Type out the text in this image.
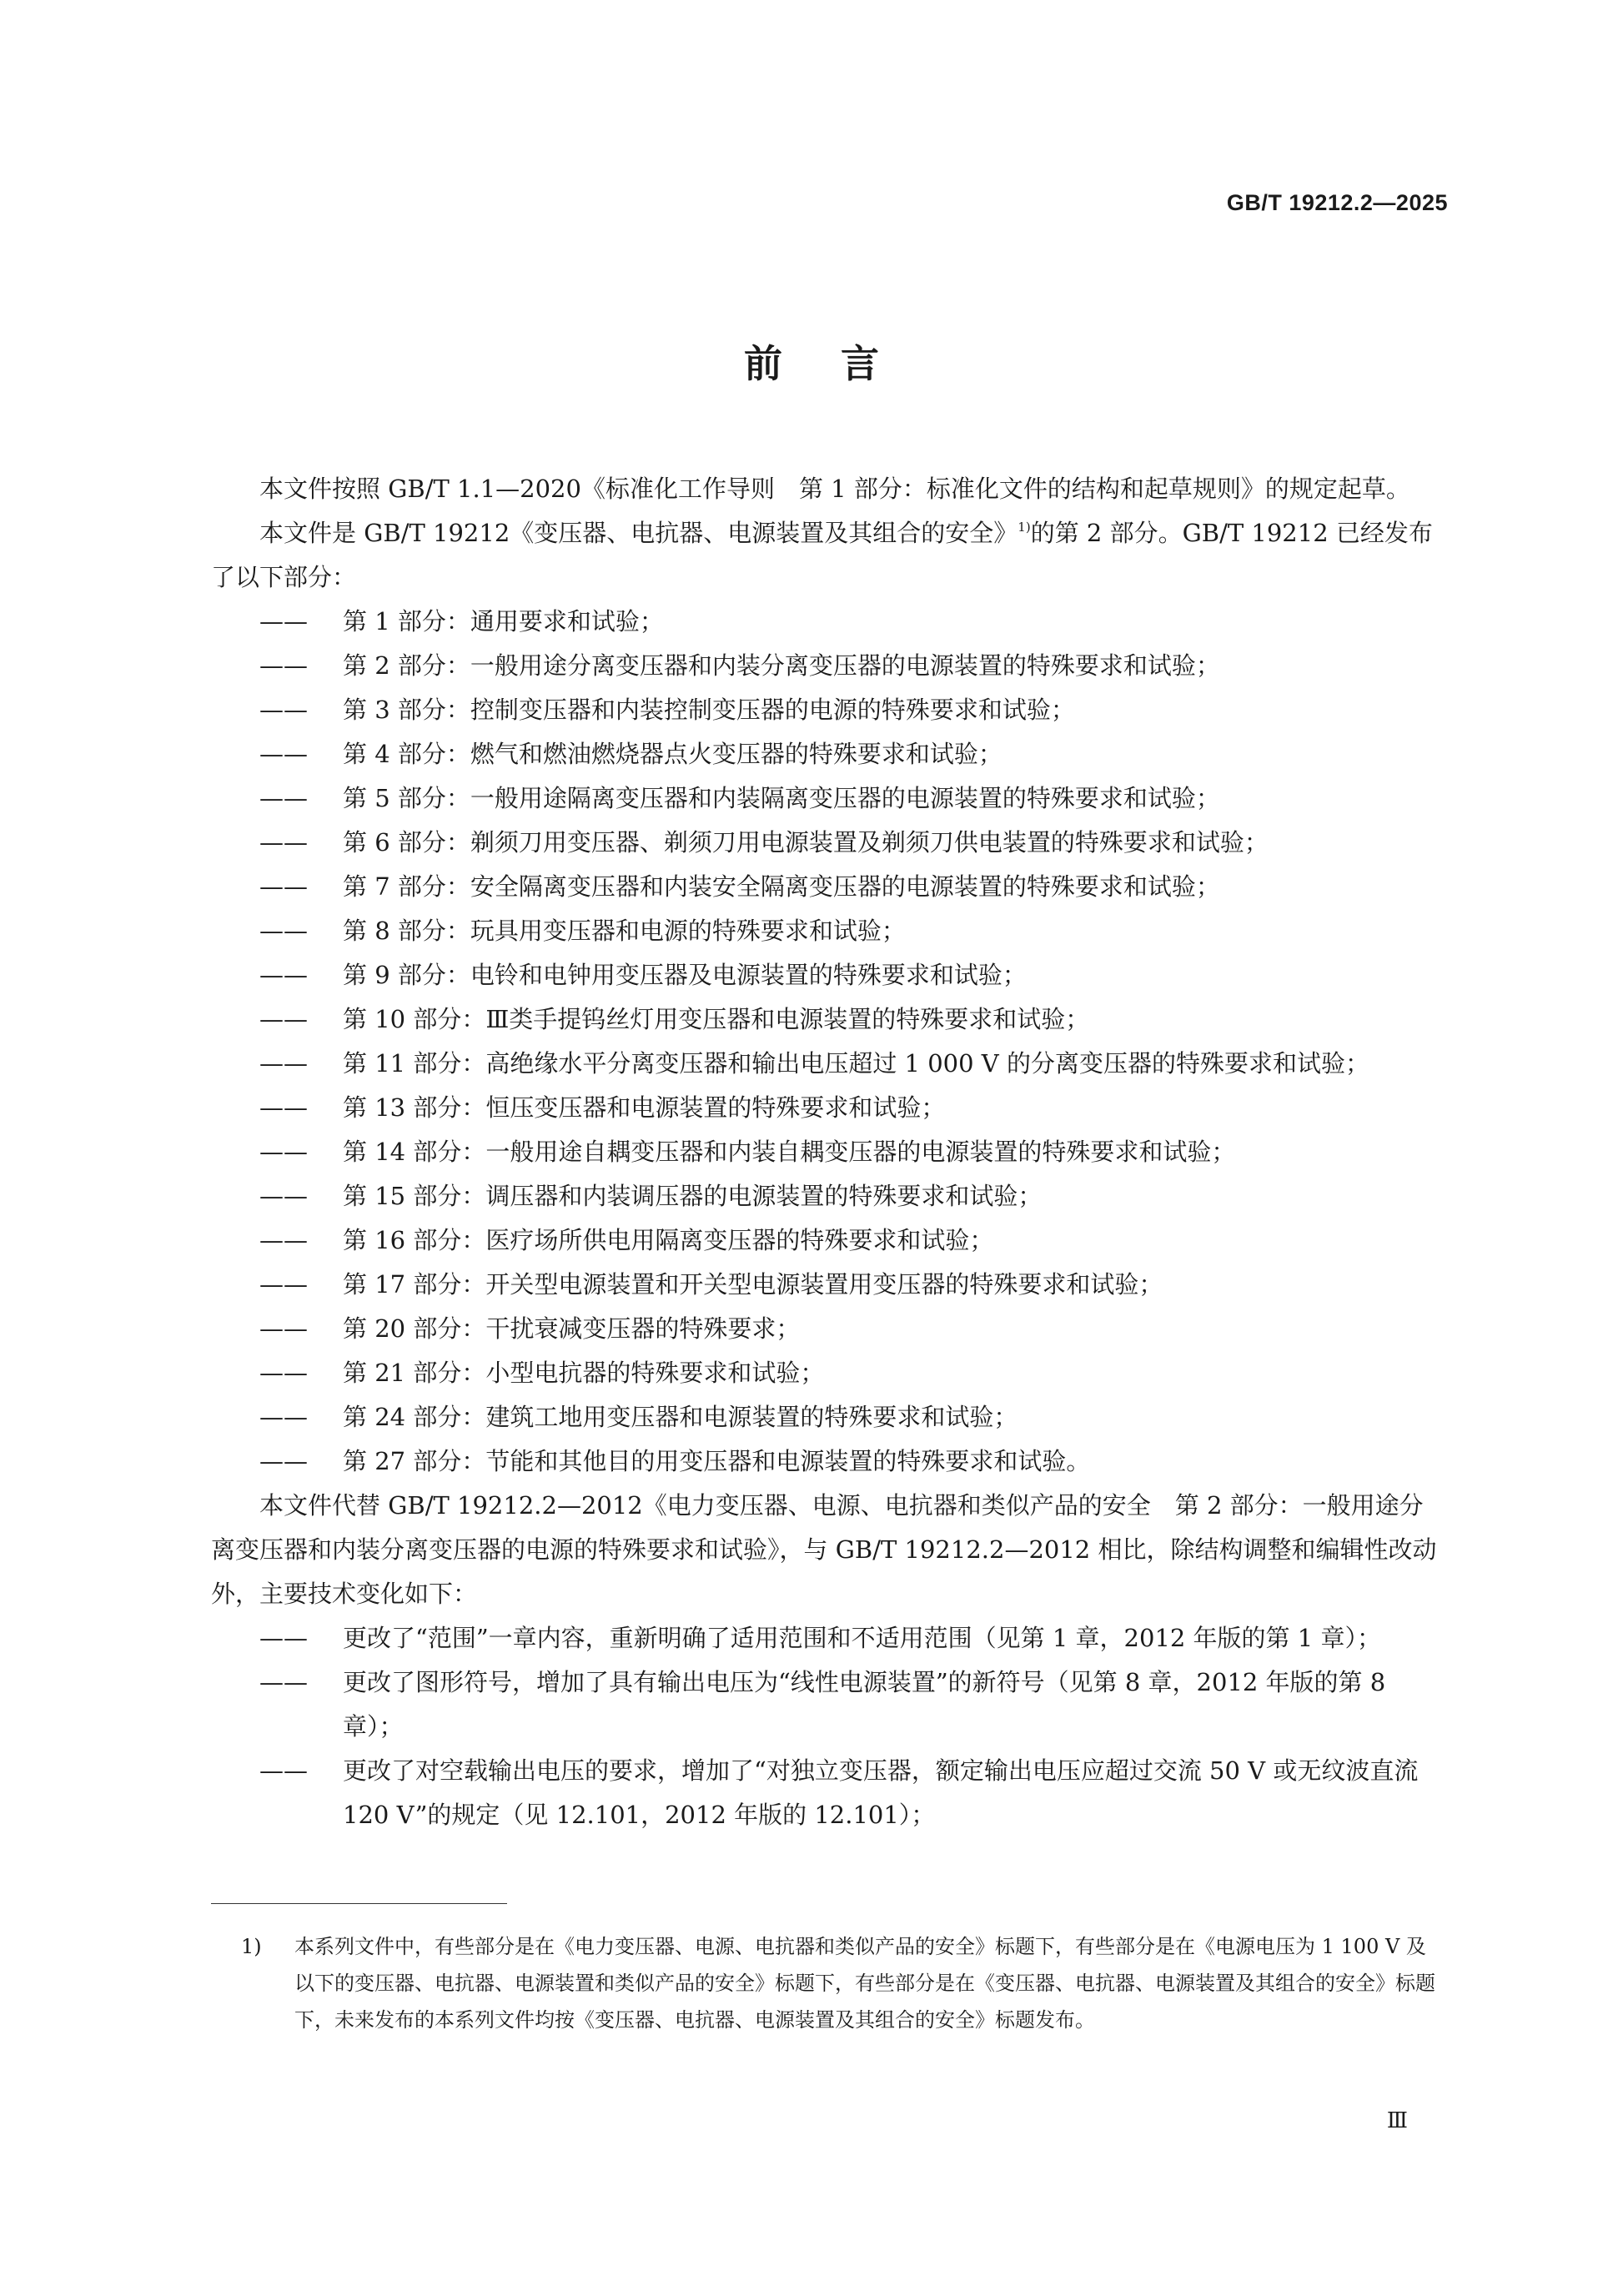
GB/T 19212.2—2025
前言

本文件按照 GB/T 1.1—2020《标准化工作导则　第 1 部分：标准化文件的结构和起草规则》的规定起草。

本文件是 GB/T 19212《变压器、电抗器、电源装置及其组合的安全》$^{1)}$的第 2 部分。GB/T 19212 已经发布了以下部分：

—— 第 1 部分：通用要求和试验；

—— 第 2 部分：一般用途分离变压器和内装分离变压器的电源装置的特殊要求和试验；

—— 第 3 部分：控制变压器和内装控制变压器的电源的特殊要求和试验；

—— 第 4 部分：燃气和燃油燃烧器点火变压器的特殊要求和试验；

—— 第 5 部分：一般用途隔离变压器和内装隔离变压器的电源装置的特殊要求和试验；

—— 第 6 部分：剃须刀用变压器、剃须刀用电源装置及剃须刀供电装置的特殊要求和试验；

—— 第 7 部分：安全隔离变压器和内装安全隔离变压器的电源装置的特殊要求和试验；

—— 第 8 部分：玩具用变压器和电源的特殊要求和试验；

—— 第 9 部分：电铃和电钟用变压器及电源装置的特殊要求和试验；

—— 第 10 部分：Ⅲ类手提钨丝灯用变压器和电源装置的特殊要求和试验；

—— 第 11 部分：高绝缘水平分离变压器和输出电压超过 1 000 V 的分离变压器的特殊要求和试验；

—— 第 13 部分：恒压变压器和电源装置的特殊要求和试验；

—— 第 14 部分：一般用途自耦变压器和内装自耦变压器的电源装置的特殊要求和试验；

—— 第 15 部分：调压器和内装调压器的电源装置的特殊要求和试验；

—— 第 16 部分：医疗场所供电用隔离变压器的特殊要求和试验；

—— 第 17 部分：开关型电源装置和开关型电源装置用变压器的特殊要求和试验；

—— 第 20 部分：干扰衰减变压器的特殊要求；

—— 第 21 部分：小型电抗器的特殊要求和试验；

—— 第 24 部分：建筑工地用变压器和电源装置的特殊要求和试验；

—— 第 27 部分：节能和其他目的用变压器和电源装置的特殊要求和试验。

本文件代替 GB/T 19212.2—2012《电力变压器、电源、电抗器和类似产品的安全　第 2 部分：一般用途分离变压器和内装分离变压器的电源的特殊要求和试验》，与 GB/T 19212.2—2012 相比，除结构调整和编辑性改动外，主要技术变化如下：

—— 更改了“范围”一章内容，重新明确了适用范围和不适用范围（见第 1 章，2012 年版的第 1 章）；

—— 更改了图形符号，增加了具有输出电压为“线性电源装置”的新符号（见第 8 章，2012 年版的第 8 章）；

—— 更改了对空载输出电压的要求，增加了“对独立变压器，额定输出电压应超过交流 50 V 或无纹波直流 120 V”的规定（见 12.101，2012 年版的 12.101）；

1) 本系列文件中，有些部分是在《电力变压器、电源、电抗器和类似产品的安全》标题下，有些部分是在《电源电压为 1 100 V 及以下的变压器、电抗器、电源装置和类似产品的安全》标题下，有些部分是在《变压器、电抗器、电源装置及其组合的安全》标题下，未来发布的本系列文件均按《变压器、电抗器、电源装置及其组合的安全》标题发布。
Ⅲ
